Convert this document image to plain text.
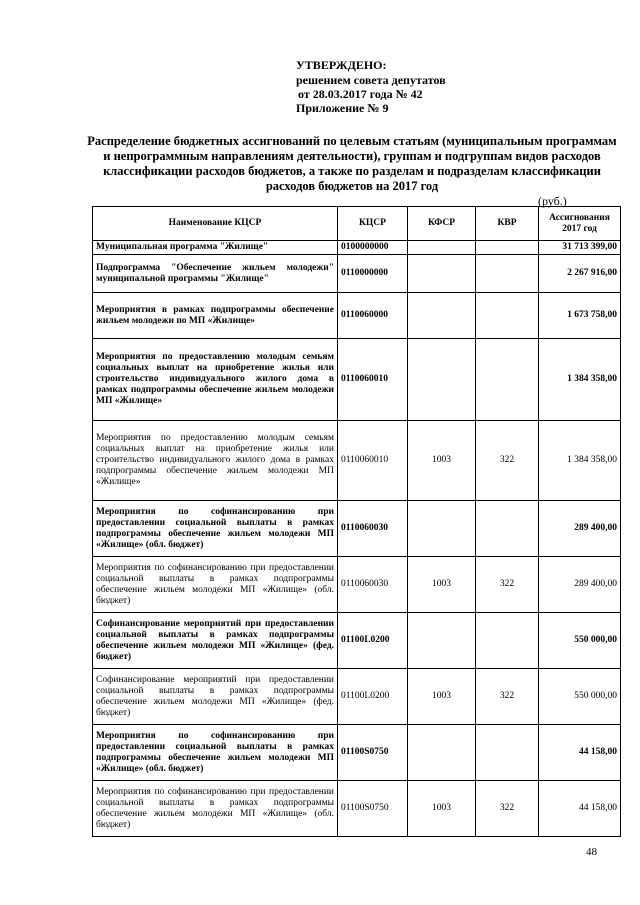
УТВЕРЖДЕНО:
решением совета депутатов
от 28.03.2017 года № 42
Приложение № 9
Распределение бюджетных ассигнований по целевым статьям (муниципальным программам и непрограммным направлениям деятельности), группам и подгруппам видов расходов классификации расходов бюджетов, а также по разделам и подразделам классификации расходов бюджетов на 2017 год
(руб.)
Наименование КЦСР	КЦСР	КФСР	КВР	Ассигнования 2017 год
Муниципальная программа "Жилище"	0100000000			31 713 399,00
Подпрограмма "Обеспечение жильем молодежи" муниципальной программы "Жилище"	0110000000			2 267 916,00
Мероприятия в рамках подпрограммы обеспечение жильем молодежи по МП «Жилище»	0110060000			1 673 758,00
Мероприятия по предоставлению молодым семьям социальных выплат на приобретение жилья или строительство индивидуального жилого дома в рамках подпрограммы обеспечение жильем молодежи МП «Жилище»	0110060010			1 384 358,00
Мероприятия по предоставлению молодым семьям социальных выплат на приобретение жилья или строительство индивидуального жилого дома в рамках подпрограммы обеспечение жильем молодежи МП «Жилище»	0110060010	1003	322	1 384 358,00
Мероприятия по софинансированию при предоставлении социальной выплаты в рамках подпрограммы обеспечение жильем молодежи МП «Жилище» (обл. бюджет)	0110060030			289 400,00
Мероприятия по софинансированию при предоставлении социальной выплаты в рамках подпрограммы обеспечение жильем молодежи МП «Жилище» (обл. бюджет)	0110060030	1003	322	289 400,00
Софинансирование мероприятий при предоставлении социальной выплаты в рамках подпрограммы обеспечение жильем молодежи МП «Жилище» (фед. бюджет)	01100L0200			550 000,00
Софинансирование мероприятий при предоставлении социальной выплаты в рамках подпрограммы обеспечение жильем молодежи МП «Жилище» (фед. бюджет)	01100L0200	1003	322	550 000,00
Мероприятия по софинансированию при предоставлении социальной выплаты в рамках подпрограммы обеспечение жильем молодежи МП «Жилище» (обл. бюджет)	01100S0750			44 158,00
Мероприятия по софинансированию при предоставлении социальной выплаты в рамках подпрограммы обеспечение жильем молодежи МП «Жилище» (обл. бюджет)	01100S0750	1003	322	44 158,00
48
